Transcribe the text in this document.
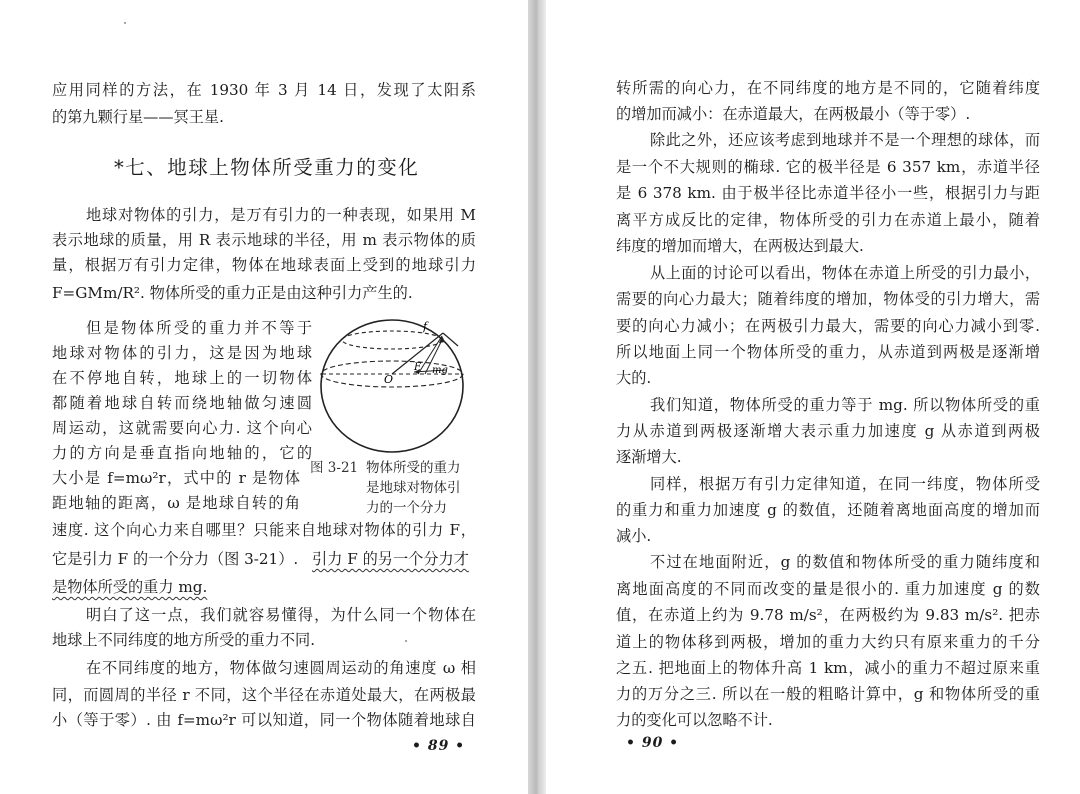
应用同样的方法，在 1930 年 3 月 14 日，发现了太阳系
的第九颗行星——冥王星.
*七、地球上物体所受重力的变化
地球对物体的引力，是万有引力的一种表现，如果用 M
表示地球的质量，用 R 表示地球的半径，用 m 表示物体的质
量，根据万有引力定律，物体在地球表面上受到的地球引力
F=GMm/R². 物体所受的重力正是由这种引力产生的.
但是物体所受的重力并不等于
地球对物体的引力，这是因为地球
在不停地自转，地球上的一切物体
都随着地球自转而绕地轴做匀速圆
周运动，这就需要向心力. 这个向心
力的方向是垂直指向地轴的，它的
大小是 f=mω²r，式中的 r 是物体
距地轴的距离，ω 是地球自转的角
速度. 这个向心力来自哪里？只能来自地球对物体的引力 F，
它是引力 F 的一个分力（图 3-21）. 引力 F 的另一个分力才
是物体所受的重力 mg.
f
F mg
O
图 3-21 物体所受的重力
是地球对物体引
力的一个分力
明白了这一点，我们就容易懂得，为什么同一个物体在
地球上不同纬度的地方所受的重力不同.
在不同纬度的地方，物体做匀速圆周运动的角速度 ω 相
同，而圆周的半径 r 不同，这个半径在赤道处最大，在两极最
小（等于零）. 由 f=mω²r 可以知道，同一个物体随着地球自
• 89 •
转所需的向心力，在不同纬度的地方是不同的，它随着纬度
的增加而减小：在赤道最大，在两极最小（等于零）.
除此之外，还应该考虑到地球并不是一个理想的球体，而
是一个不大规则的椭球. 它的极半径是 6 357 km，赤道半径
是 6 378 km. 由于极半径比赤道半径小一些，根据引力与距
离平方成反比的定律，物体所受的引力在赤道上最小，随着
纬度的增加而增大，在两极达到最大.
从上面的讨论可以看出，物体在赤道上所受的引力最小，
需要的向心力最大；随着纬度的增加，物体受的引力增大，需
要的向心力减小；在两极引力最大，需要的向心力减小到零.
所以地面上同一个物体所受的重力，从赤道到两极是逐渐增
大的.
我们知道，物体所受的重力等于 mg. 所以物体所受的重
力从赤道到两极逐渐增大表示重力加速度 g 从赤道到两极
逐渐增大.
同样，根据万有引力定律知道，在同一纬度，物体所受
的重力和重力加速度 g 的数值，还随着离地面高度的增加而
减小.
不过在地面附近，g 的数值和物体所受的重力随纬度和
离地面高度的不同而改变的量是很小的. 重力加速度 g 的数
值，在赤道上约为 9.78 m/s²，在两极约为 9.83 m/s². 把赤
道上的物体移到两极，增加的重力大约只有原来重力的千分
之五. 把地面上的物体升高 1 km，减小的重力不超过原来重
力的万分之三. 所以在一般的粗略计算中，g 和物体所受的重
力的变化可以忽略不计.
• 90 •
